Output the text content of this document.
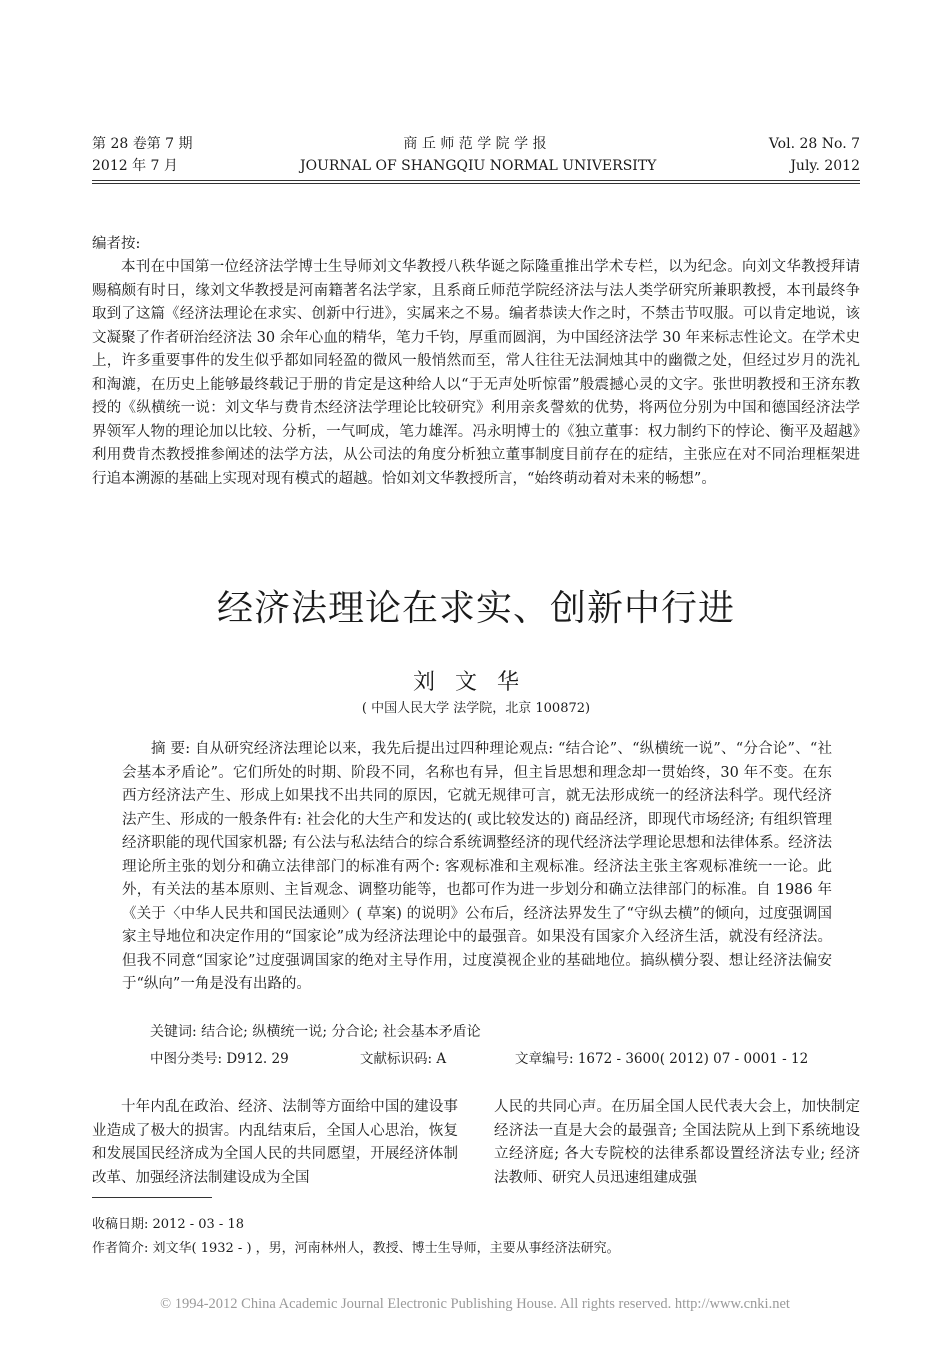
第 28 卷第 7 期
2012 年 7 月
商 丘 师 范 学 院 学 报
JOURNAL OF SHANGQIU NORMAL UNIVERSITY
Vol. 28 No. 7
July. 2012
编者按:
本刊在中国第一位经济法学博士生导师刘文华教授八秩华诞之际隆重推出学术专栏，以为纪念。向刘文华教授拜请赐稿颇有时日，缘刘文华教授是河南籍著名法学家，且系商丘师范学院经济法与法人类学研究所兼职教授，本刊最终争取到了这篇《经济法理论在求实、创新中行进》，实属来之不易。编者恭读大作之时，不禁击节叹服。可以肯定地说，该文凝聚了作者研治经济法 30 余年心血的精华，笔力千钧，厚重而圆润，为中国经济法学 30 年来标志性论文。在学术史上，许多重要事件的发生似乎都如同轻盈的微风一般悄然而至，常人往往无法洞烛其中的幽微之处，但经过岁月的洗礼和淘漉，在历史上能够最终载记于册的肯定是这种给人以“于无声处听惊雷”般震撼心灵的文字。张世明教授和王济东教授的《纵横统一说：刘文华与费肯杰经济法学理论比较研究》利用亲炙謦欬的优势，将两位分别为中国和德国经济法学界领军人物的理论加以比较、分析，一气呵成，笔力雄浑。冯永明博士的《独立董事：权力制约下的悖论、衡平及超越》利用费肯杰教授推参阐述的法学方法，从公司法的角度分析独立董事制度目前存在的症结，主张应在对不同治理框架进行追本溯源的基础上实现对现有模式的超越。恰如刘文华教授所言，“始终萌动着对未来的畅想”。
经济法理论在求实、创新中行进
刘文华
( 中国人民大学 法学院，北京 100872)
摘 要: 自从研究经济法理论以来，我先后提出过四种理论观点: “结合论”、“纵横统一说”、“分合论”、“社会基本矛盾论”。它们所处的时期、阶段不同，名称也有异，但主旨思想和理念却一贯始终，30 年不变。在东西方经济法产生、形成上如果找不出共同的原因，它就无规律可言，就无法形成统一的经济法科学。现代经济法产生、形成的一般条件有: 社会化的大生产和发达的( 或比较发达的) 商品经济，即现代市场经济; 有组织管理经济职能的现代国家机器; 有公法与私法结合的综合系统调整经济的现代经济法学理论思想和法律体系。经济法理论所主张的划分和确立法律部门的标准有两个: 客观标准和主观标准。经济法主张主客观标准统一一论。此外，有关法的基本原则、主旨观念、调整功能等，也都可作为进一步划分和确立法律部门的标准。自 1986 年《关于〈中华人民共和国民法通则〉( 草案) 的说明》公布后，经济法界发生了“守纵去横”的倾向，过度强调国家主导地位和决定作用的“国家论”成为经济法理论中的最强音。如果没有国家介入经济生活，就没有经济法。但我不同意“国家论”过度强调国家的绝对主导作用，过度漠视企业的基础地位。搞纵横分裂、想让经济法偏安于“纵向”一角是没有出路的。
关键词: 结合论; 纵横统一说; 分合论; 社会基本矛盾论
中图分类号: D912. 29	文献标识码: A	文章编号: 1672 - 3600( 2012) 07 - 0001 - 12
十年内乱在政治、经济、法制等方面给中国的建设事业造成了极大的损害。内乱结束后，全国人心思治，恢复和发展国民经济成为全国人民的共同愿望，开展经济体制改革、加强经济法制建设成为全国
人民的共同心声。在历届全国人民代表大会上，加快制定经济法一直是大会的最强音; 全国法院从上到下系统地设立经济庭; 各大专院校的法律系都设置经济法专业; 经济法教师、研究人员迅速组建成强
收稿日期: 2012 - 03 - 18
作者简介: 刘文华( 1932 - ) ，男，河南林州人，教授、博士生导师，主要从事经济法研究。
© 1994-2012 China Academic Journal Electronic Publishing House. All rights reserved. http://www.cnki.net
